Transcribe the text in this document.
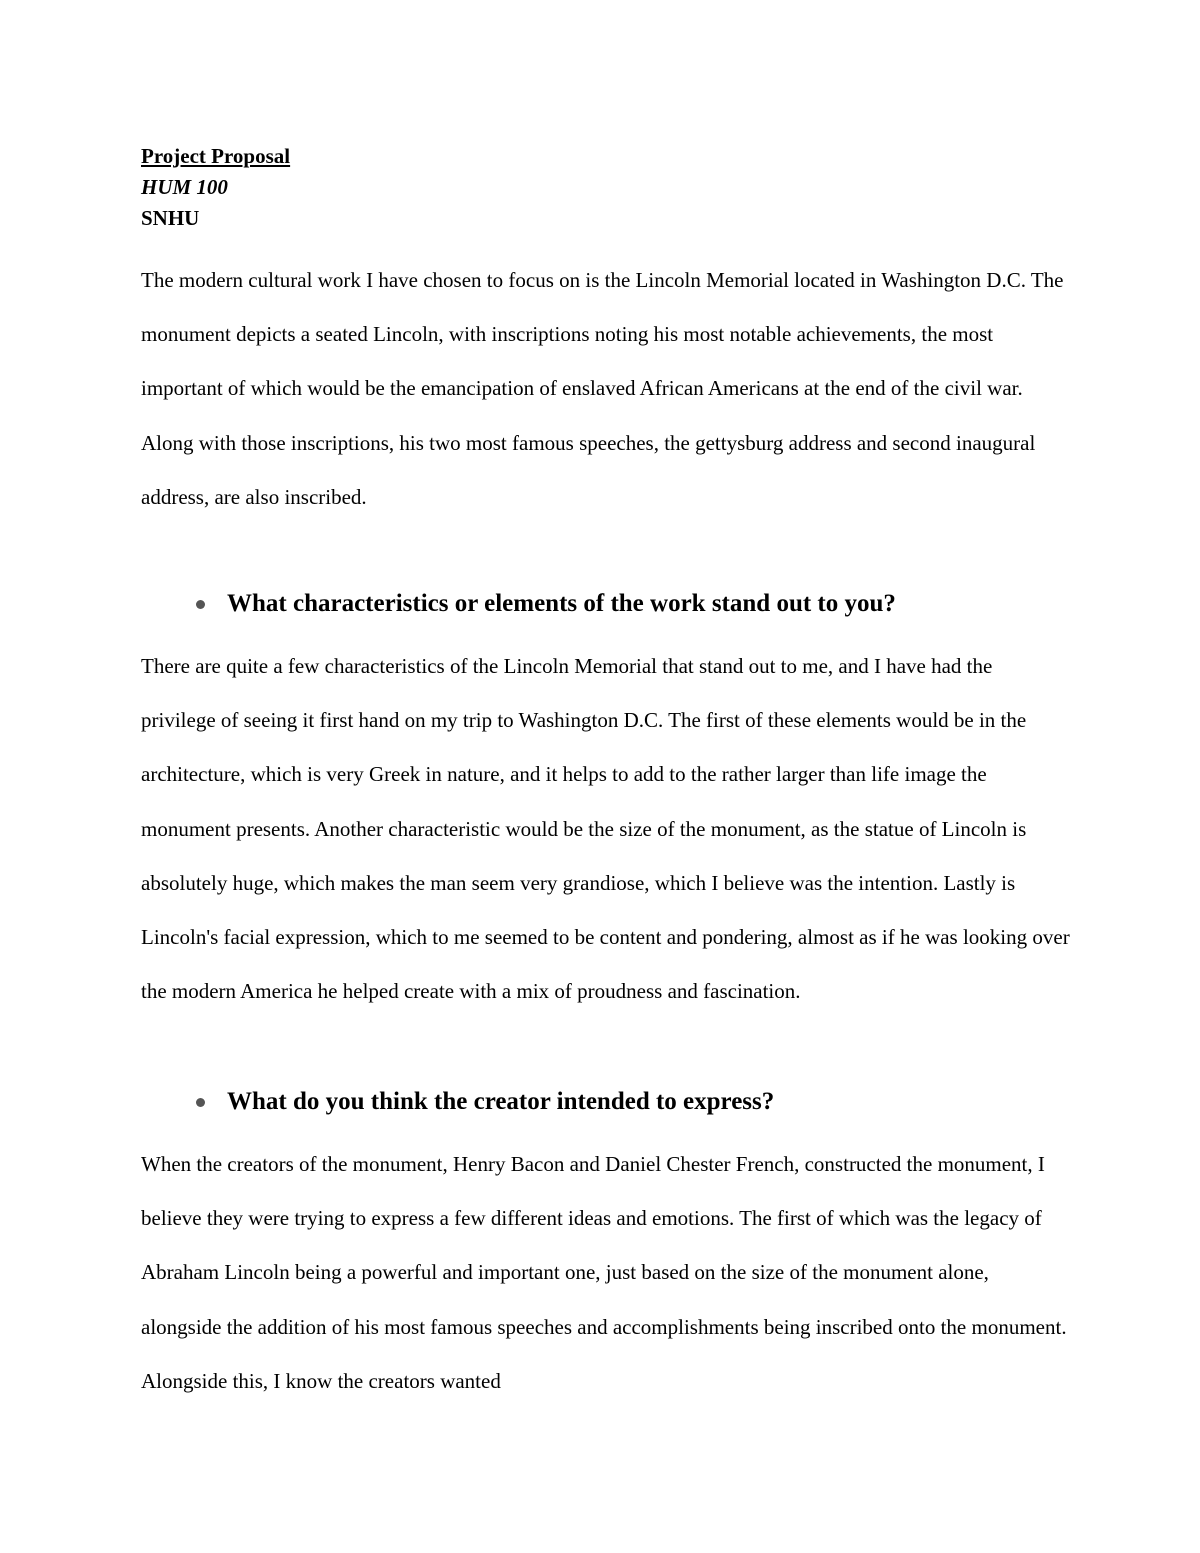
Project Proposal
HUM 100
SNHU

The modern cultural work I have chosen to focus on is the Lincoln Memorial located in Washington D.C. The monument depicts a seated Lincoln, with inscriptions noting his most notable achievements, the most important of which would be the emancipation of enslaved African Americans at the end of the civil war. Along with those inscriptions, his two most famous speeches, the gettysburg address and second inaugural address, are also inscribed.

What characteristics or elements of the work stand out to you?

There are quite a few characteristics of the Lincoln Memorial that stand out to me, and I have had the privilege of seeing it first hand on my trip to Washington D.C. The first of these elements would be in the architecture, which is very Greek in nature, and it helps to add to the rather larger than life image the monument presents. Another characteristic would be the size of the monument, as the statue of Lincoln is absolutely huge, which makes the man seem very grandiose, which I believe was the intention. Lastly is Lincoln's facial expression, which to me seemed to be content and pondering, almost as if he was looking over the modern America he helped create with a mix of proudness and fascination.

What do you think the creator intended to express?

When the creators of the monument, Henry Bacon and Daniel Chester French, constructed the monument, I believe they were trying to express a few different ideas and emotions. The first of which was the legacy of Abraham Lincoln being a powerful and important one, just based on the size of the monument alone, alongside the addition of his most famous speeches and accomplishments being inscribed onto the monument. Alongside this, I know the creators wanted
